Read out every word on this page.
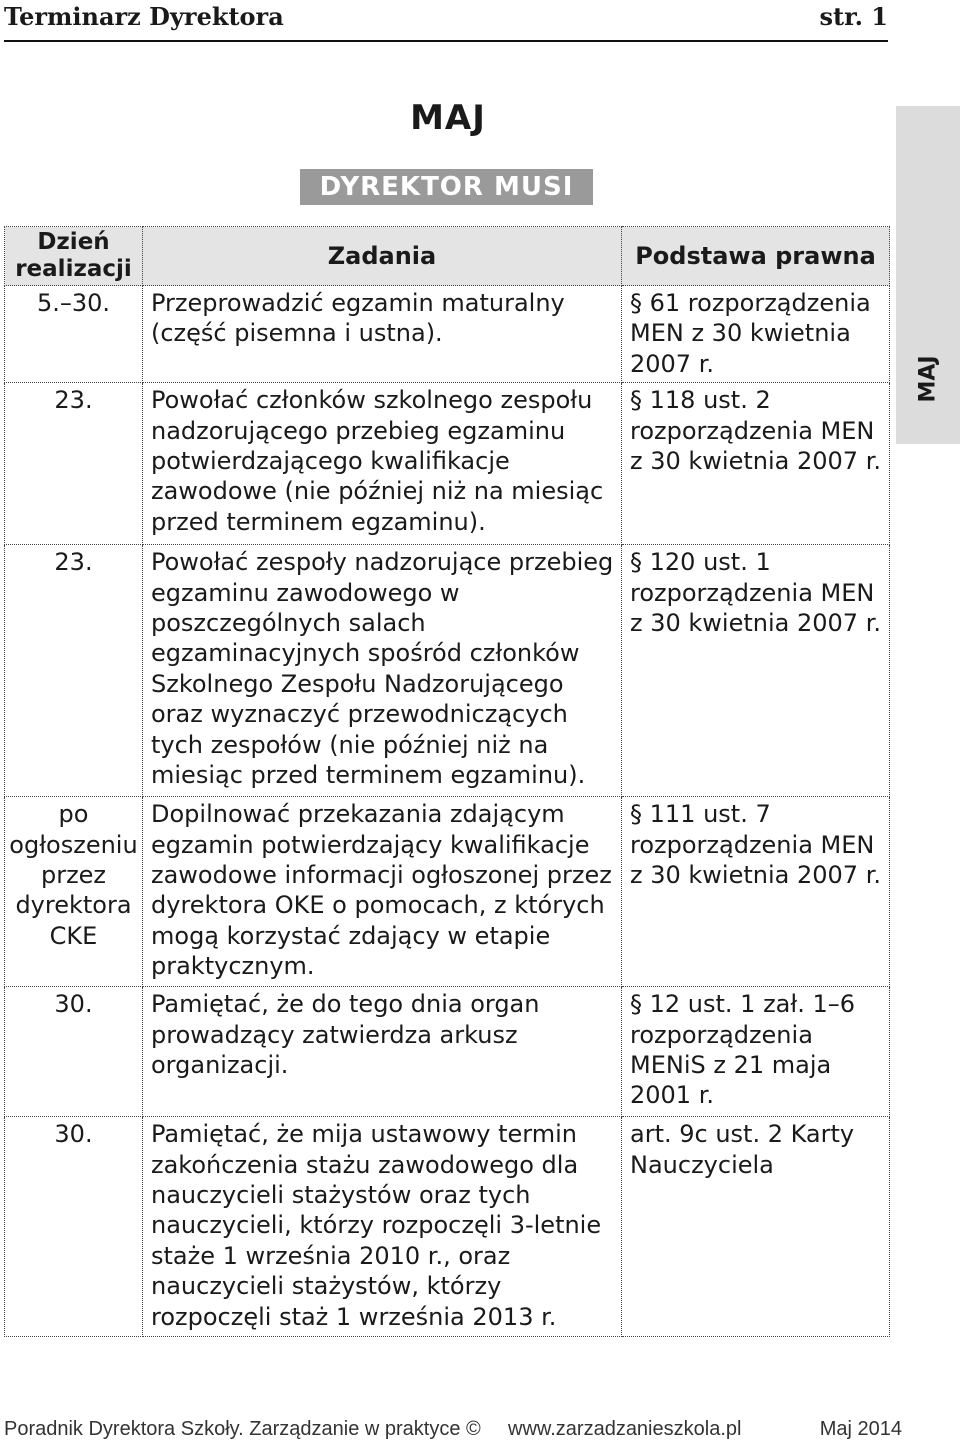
Terminarz Dyrektora	str. 1
MAJ
DYREKTOR MUSI
MAJ
Dzień realizacji	Zadania	Podstawa prawna
5.–30.	Przeprowadzić egzamin maturalny (część pisemna i ustna).	§ 61 rozporządzenia MEN z 30 kwietnia 2007 r.
23.	Powołać członków szkolnego zespołu nadzorującego przebieg egzaminu potwierdzającego kwalifikacje zawodowe (nie później niż na miesiąc przed terminem egzaminu).	§ 118 ust. 2 rozporządzenia MEN z 30 kwietnia 2007 r.
23.	Powołać zespoły nadzorujące przebieg egzaminu zawodowego w poszczególnych salach egzaminacyjnych spośród członków Szkolnego Zespołu Nadzorującego oraz wyznaczyć przewodniczących tych zespołów (nie później niż na miesiąc przed terminem egzaminu).	§ 120 ust. 1 rozporządzenia MEN z 30 kwietnia 2007 r.
po ogłoszeniu przez dyrektora CKE	Dopilnować przekazania zdającym egzamin potwierdzający kwalifikacje zawodowe informacji ogłoszonej przez dyrektora OKE o pomocach, z których mogą korzystać zdający w etapie praktycznym.	§ 111 ust. 7 rozporządzenia MEN z 30 kwietnia 2007 r.
30.	Pamiętać, że do tego dnia organ prowadzący zatwierdza arkusz organizacji.	§ 12 ust. 1 zał. 1–6 rozporządzenia MENiS z 21 maja 2001 r.
30.	Pamiętać, że mija ustawowy termin zakończenia stażu zawodowego dla nauczycieli stażystów oraz tych nauczycieli, którzy rozpoczęli 3-letnie staże 1 września 2010 r., oraz nauczycieli stażystów, którzy rozpoczęli staż 1 września 2013 r.	art. 9c ust. 2 Karty Nauczyciela
Poradnik Dyrektora Szkoły. Zarządzanie w praktyce © www.zarzadzanieszkola.pl	Maj 2014
